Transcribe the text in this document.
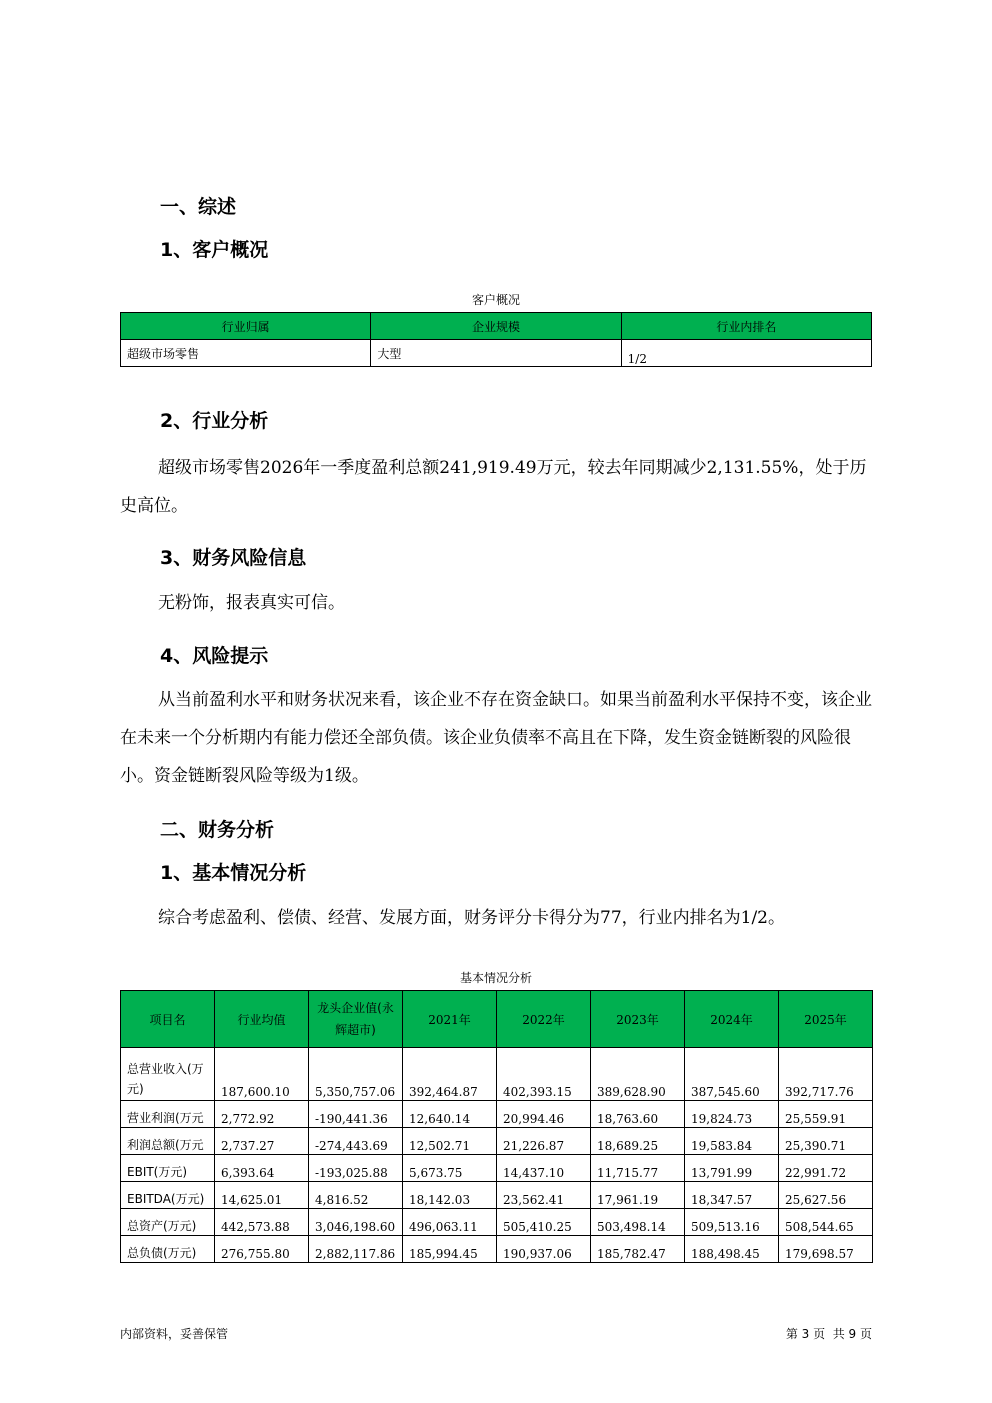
一、综述
1、客户概况
客户概况
行业归属	企业规模	行业内排名
超级市场零售	大型	1/2
2、行业分析
超级市场零售2026年一季度盈利总额241,919.49万元，较去年同期减少2,131.55%，处于历史高位。
3、财务风险信息
无粉饰，报表真实可信。
4、风险提示
从当前盈利水平和财务状况来看，该企业不存在资金缺口。如果当前盈利水平保持不变，该企业在未来一个分析期内有能力偿还全部负债。该企业负债率不高且在下降，发生资金链断裂的风险很小。资金链断裂风险等级为1级。
二、财务分析
1、基本情况分析
综合考虑盈利、偿债、经营、发展方面，财务评分卡得分为77，行业内排名为1/2。
基本情况分析
项目名	行业均值	龙头企业值(永辉超市)	2021年	2022年	2023年	2024年	2025年
总营业收入(万元)	187,600.10	5,350,757.06	392,464.87	402,393.15	389,628.90	387,545.60	392,717.76
营业利润(万元	2,772.92	-190,441.36	12,640.14	20,994.46	18,763.60	19,824.73	25,559.91
利润总额(万元	2,737.27	-274,443.69	12,502.71	21,226.87	18,689.25	19,583.84	25,390.71
EBIT(万元)	6,393.64	-193,025.88	5,673.75	14,437.10	11,715.77	13,791.99	22,991.72
EBITDA(万元)	14,625.01	4,816.52	18,142.03	23,562.41	17,961.19	18,347.57	25,627.56
总资产(万元)	442,573.88	3,046,198.60	496,063.11	505,410.25	503,498.14	509,513.16	508,544.65
总负债(万元)	276,755.80	2,882,117.86	185,994.45	190,937.06	185,782.47	188,498.45	179,698.57
内部资料，妥善保管	第 3 页  共 9 页
